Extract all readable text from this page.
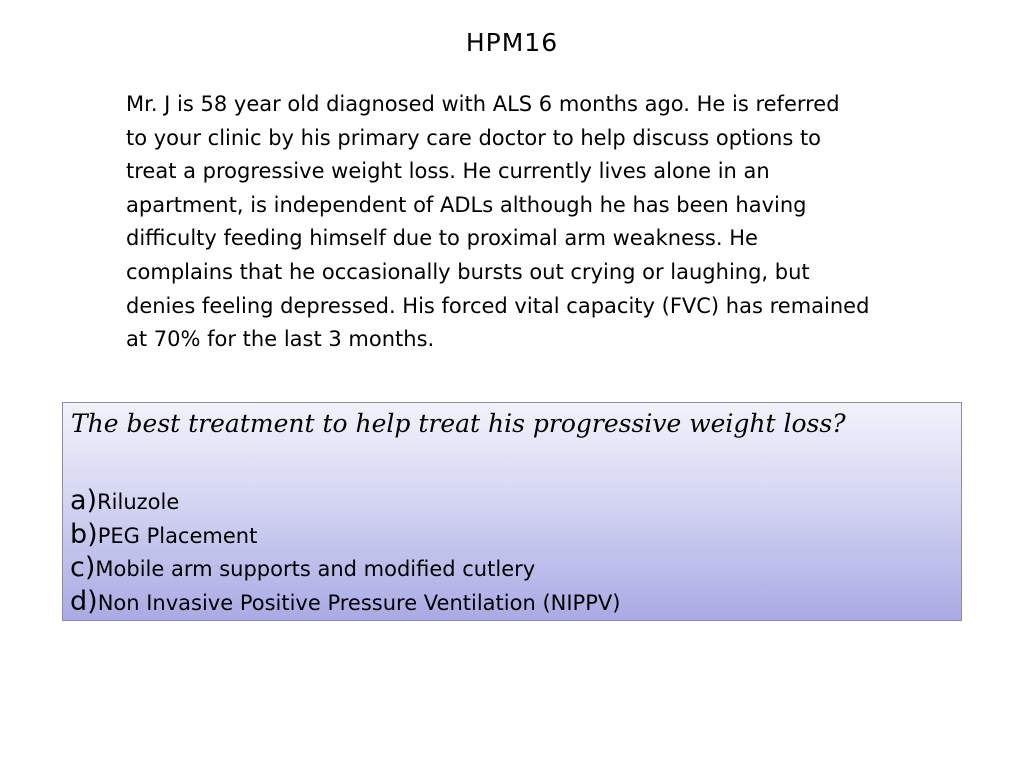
HPM16
Mr. J is 58 year old diagnosed with ALS 6 months ago. He is referred
to your clinic by his primary care doctor to help discuss options to
treat a progressive weight loss. He currently lives alone in an
apartment, is independent of ADLs although he has been having
difficulty feeding himself due to proximal arm weakness. He
complains that he occasionally bursts out crying or laughing, but
denies feeling depressed. His forced vital capacity (FVC) has remained
at 70% for the last 3 months.
The best treatment to help treat his progressive weight loss?
a) Riluzole
b) PEG Placement
c) Mobile arm supports and modified cutlery
d) Non Invasive Positive Pressure Ventilation (NIPPV)
